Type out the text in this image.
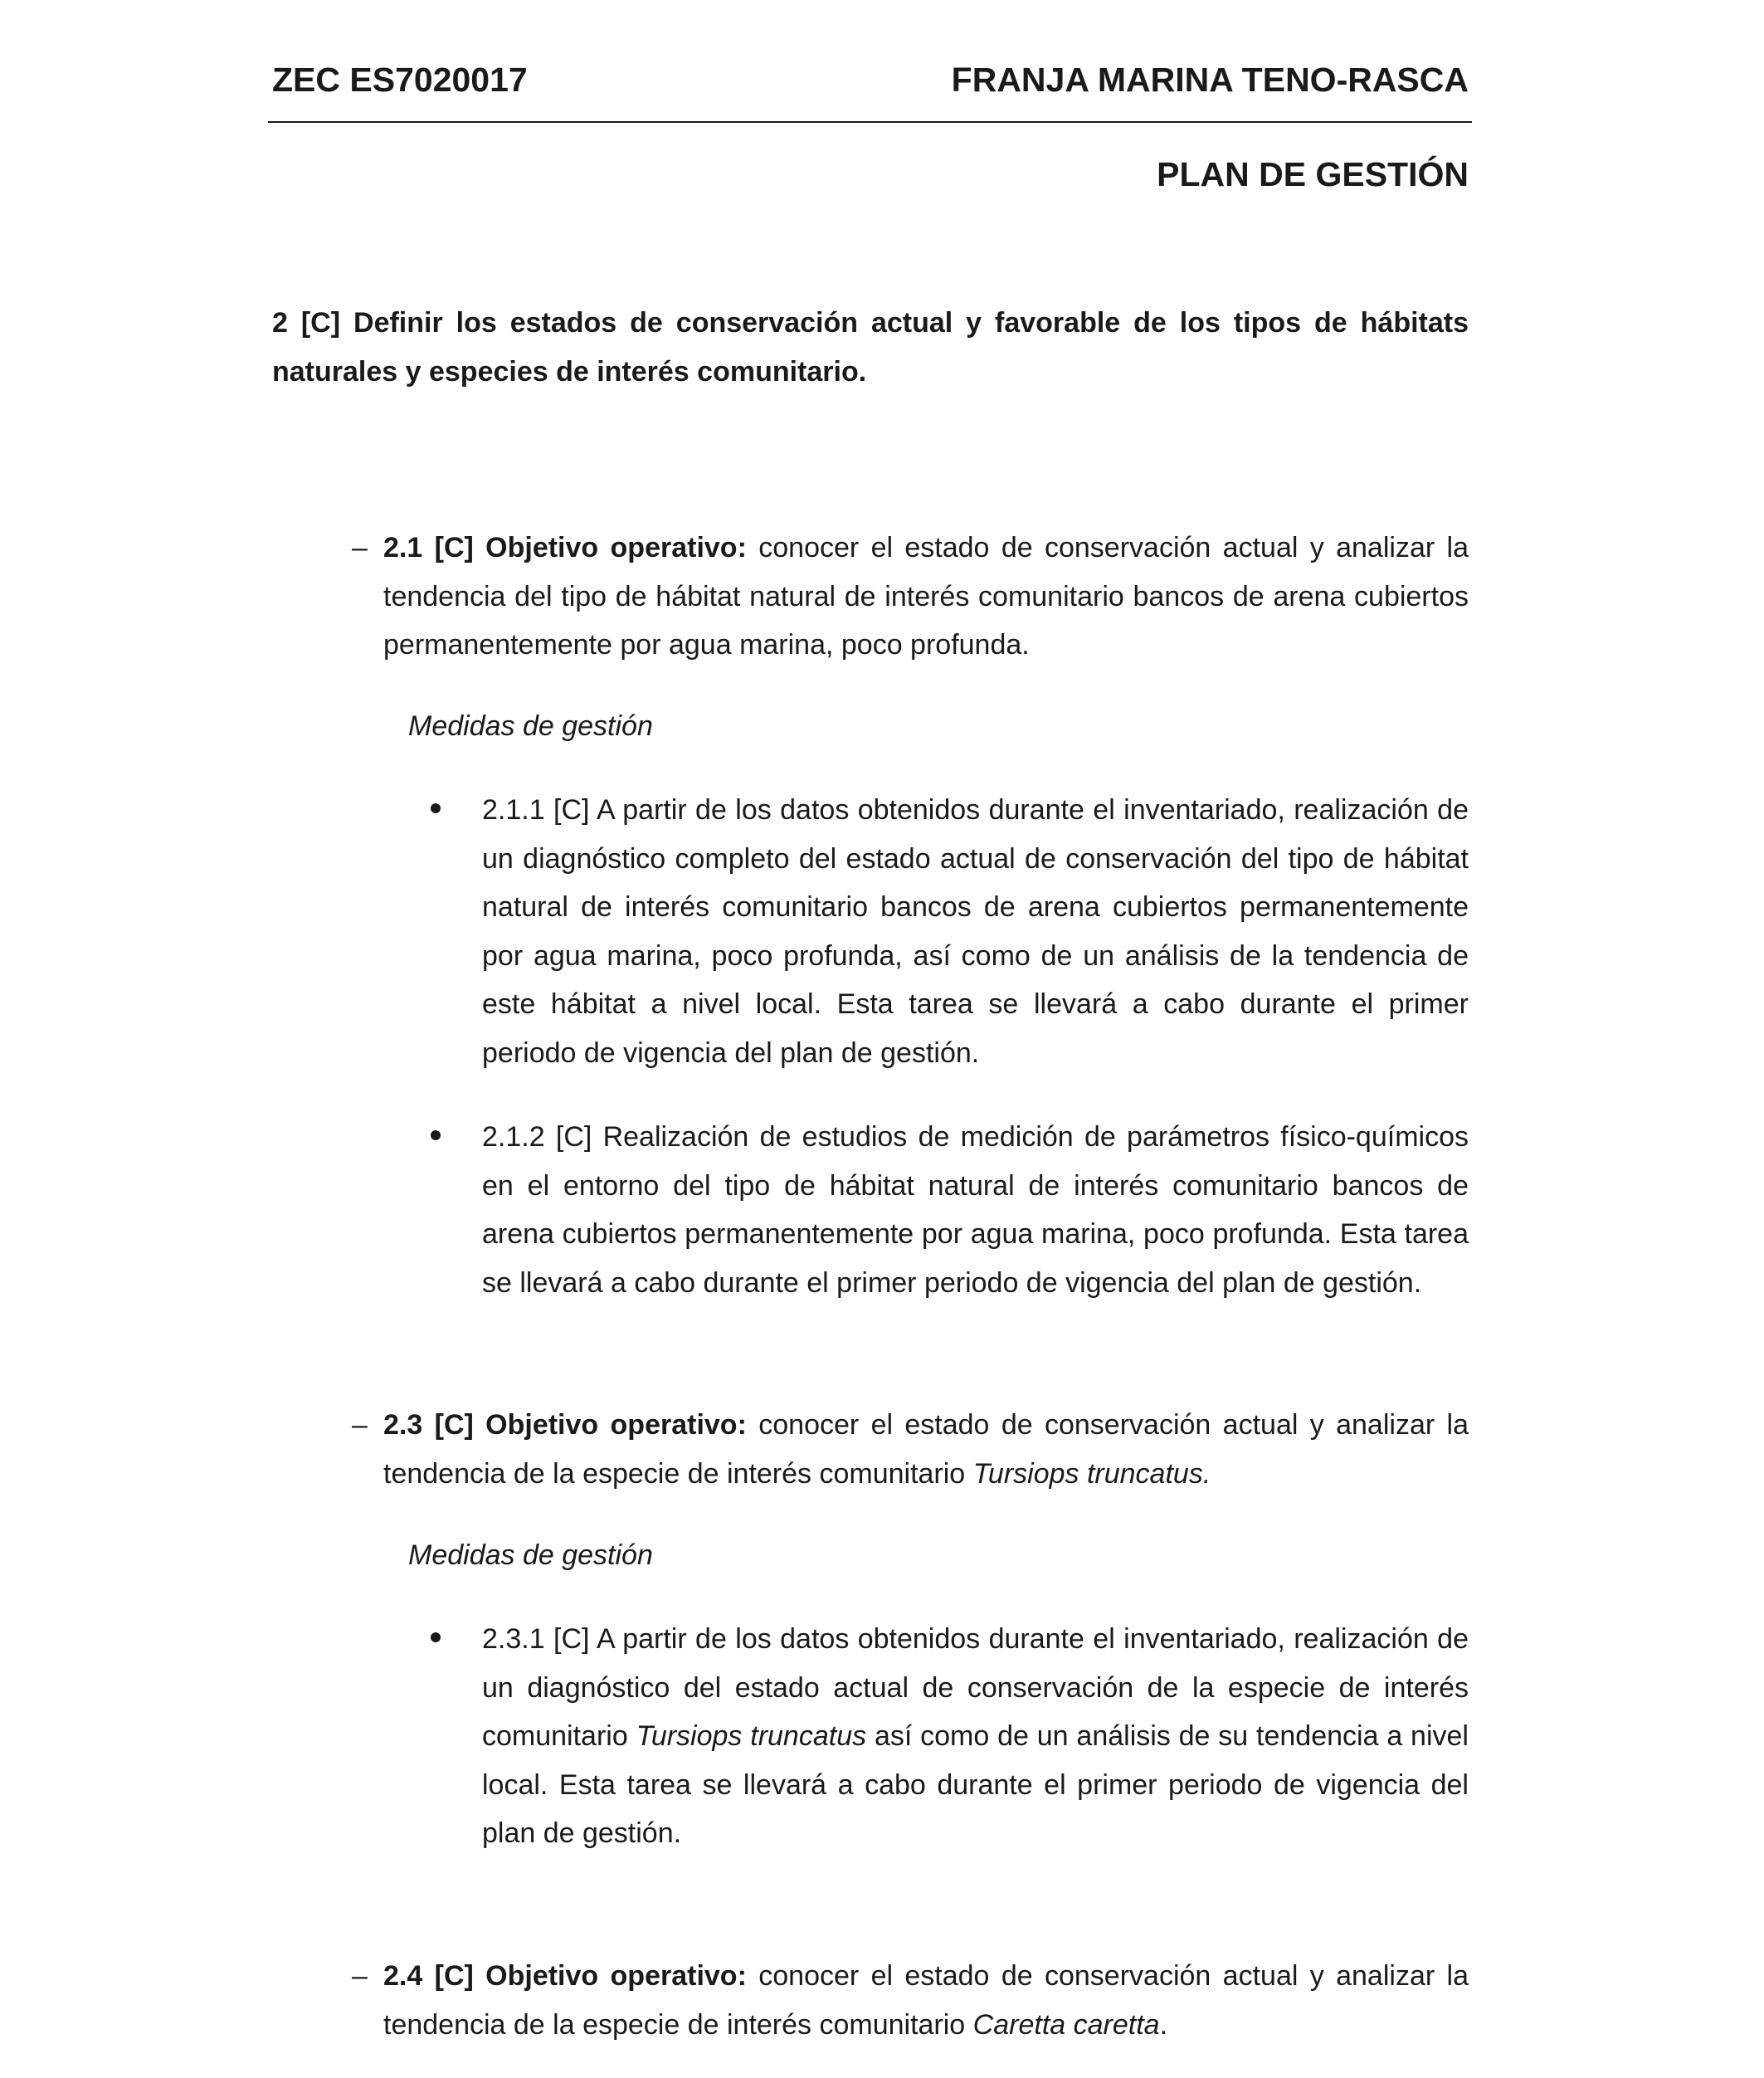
ZEC ES7020017	FRANJA MARINA TENO-RASCA
PLAN DE GESTIÓN
2 [C] Definir los estados de conservación actual y favorable de los tipos de hábitats naturales y especies de interés comunitario.
– 2.1 [C] Objetivo operativo: conocer el estado de conservación actual y analizar la tendencia del tipo de hábitat natural de interés comunitario bancos de arena cubiertos permanentemente por agua marina, poco profunda.
Medidas de gestión
2.1.1 [C] A partir de los datos obtenidos durante el inventariado, realización de un diagnóstico completo del estado actual de conservación del tipo de hábitat natural de interés comunitario bancos de arena cubiertos permanentemente por agua marina, poco profunda, así como de un análisis de la tendencia de este hábitat a nivel local. Esta tarea se llevará a cabo durante el primer periodo de vigencia del plan de gestión.
2.1.2 [C] Realización de estudios de medición de parámetros físico-químicos en el entorno del tipo de hábitat natural de interés comunitario bancos de arena cubiertos permanentemente por agua marina, poco profunda. Esta tarea se llevará a cabo durante el primer periodo de vigencia del plan de gestión.
– 2.3 [C] Objetivo operativo: conocer el estado de conservación actual y analizar la tendencia de la especie de interés comunitario Tursiops truncatus.
Medidas de gestión
2.3.1 [C] A partir de los datos obtenidos durante el inventariado, realización de un diagnóstico del estado actual de conservación de la especie de interés comunitario Tursiops truncatus así como de un análisis de su tendencia a nivel local. Esta tarea se llevará a cabo durante el primer periodo de vigencia del plan de gestión.
– 2.4 [C] Objetivo operativo: conocer el estado de conservación actual y analizar la tendencia de la especie de interés comunitario Caretta caretta.
